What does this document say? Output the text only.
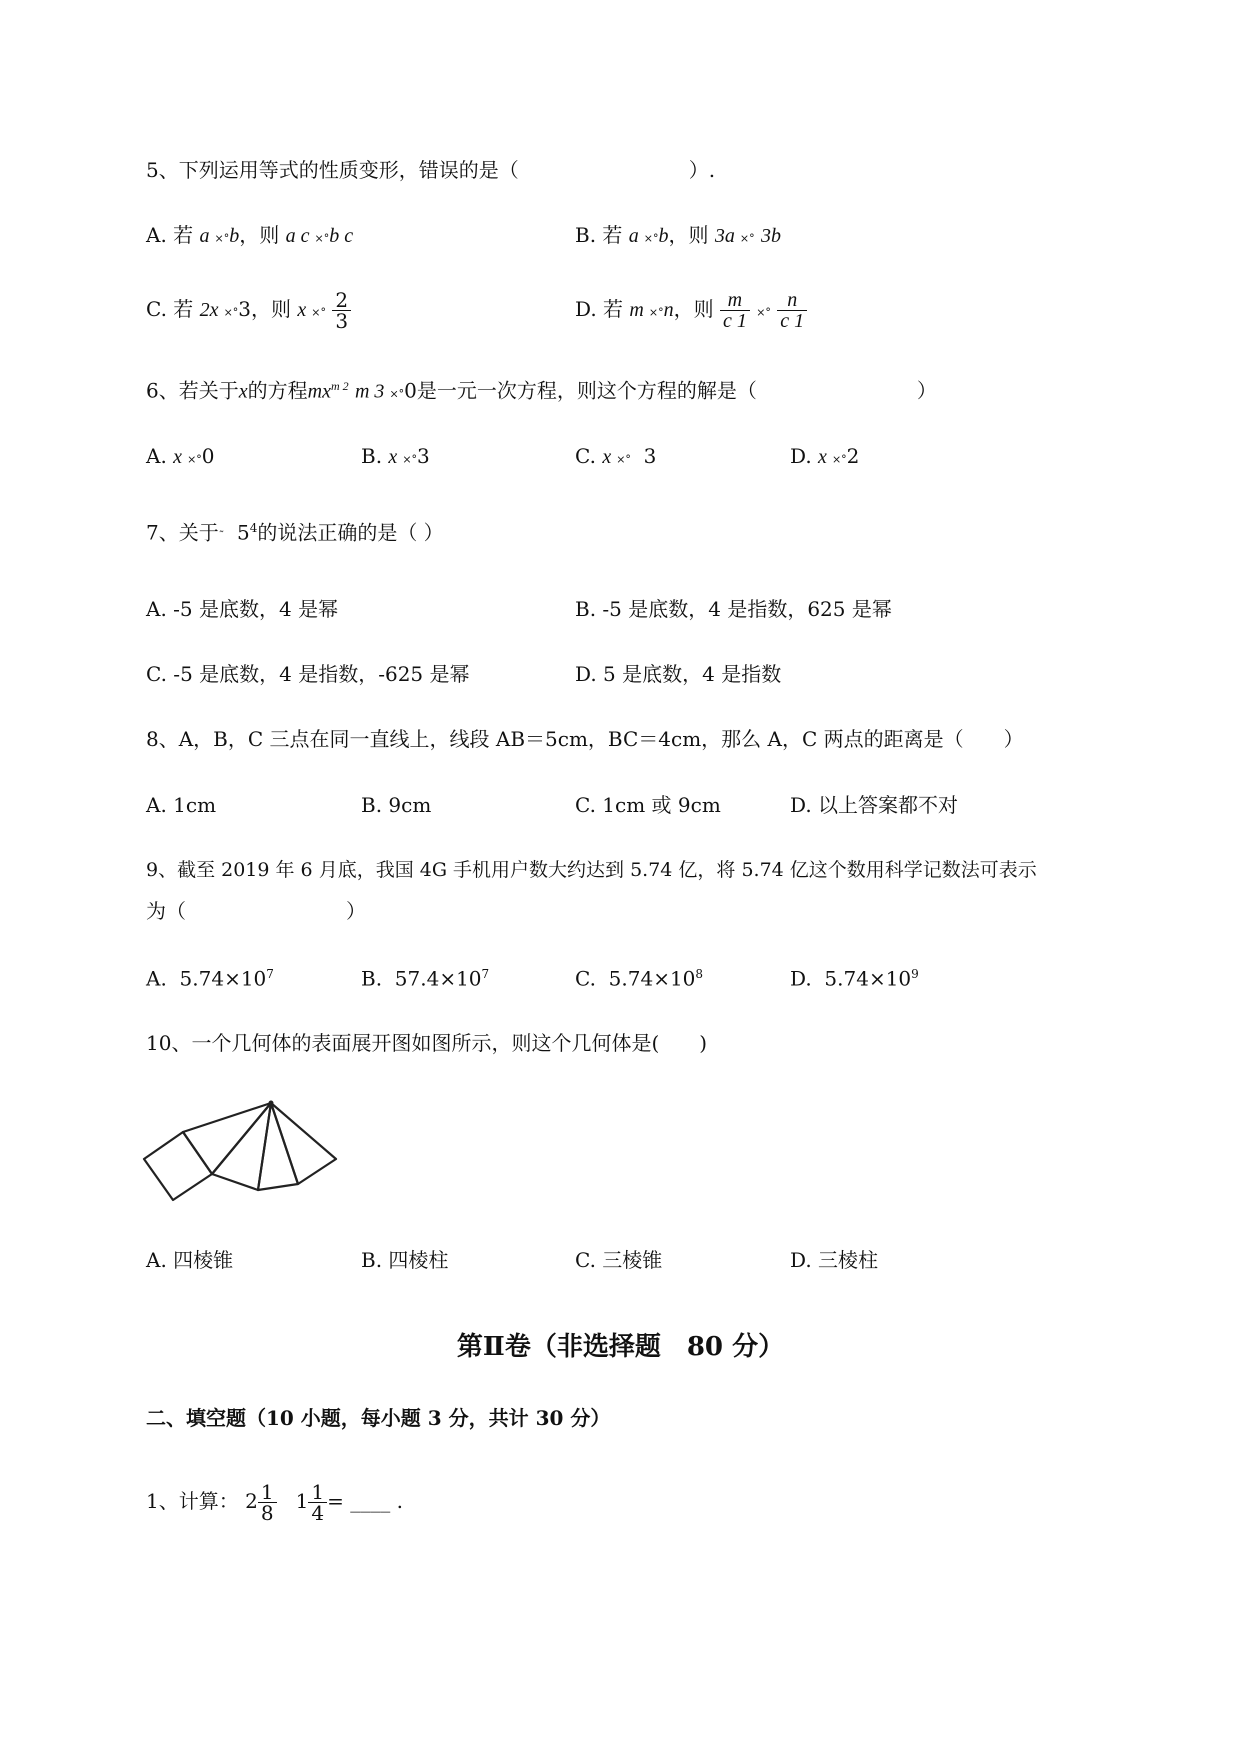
5、下列运用等式的性质变形，错误的是（	）.
A. 若 a ×°b，则 a c ×°b c	B. 若 a ×°b，则 3a ×° 3b
C. 若 2x ×°3，则 x ×° $\frac{2}{3}$	D. 若 m ×°n，则 $\frac{m}{c 1}$ ×° $\frac{n}{c 1}$
6、若关于x的方程$mx^{m 2}$ m 3 ×°0是一元一次方程，则这个方程的解是（	）
A. x ×°0	B. x ×°3	C. x ×° 3	D. x ×°2
7、关于˜ $5^4$的说法正确的是（ ）
A. -5 是底数，4 是幂	B. -5 是底数，4 是指数，625 是幂
C. -5 是底数，4 是指数，-625 是幂	D. 5 是底数，4 是指数
8、A，B，C 三点在同一直线上，线段 AB＝5cm，BC＝4cm，那么 A，C 两点的距离是（ ）
A. 1cm	B. 9cm	C. 1cm 或 9cm	D. 以上答案都不对
9、截至 2019 年 6 月底，我国 4G 手机用户数大约达到 5.74 亿，将 5.74 亿这个数用科学记数法可表示
为（	）
A. $5.74\times 10^7$	B. $57.4\times 10^7$	C. $5.74\times 10^8$	D. $5.74\times 10^9$
10、一个几何体的表面展开图如图所示，则这个几何体是( )
A. 四棱锥	B. 四棱柱	C. 三棱锥	D. 三棱柱
第Ⅱ卷（非选择题　80 分）
二、填空题（10 小题，每小题 3 分，共计 30 分）
1、计算： $2 \frac{1}{8} 1 \frac{1}{4}$ = ____ .
